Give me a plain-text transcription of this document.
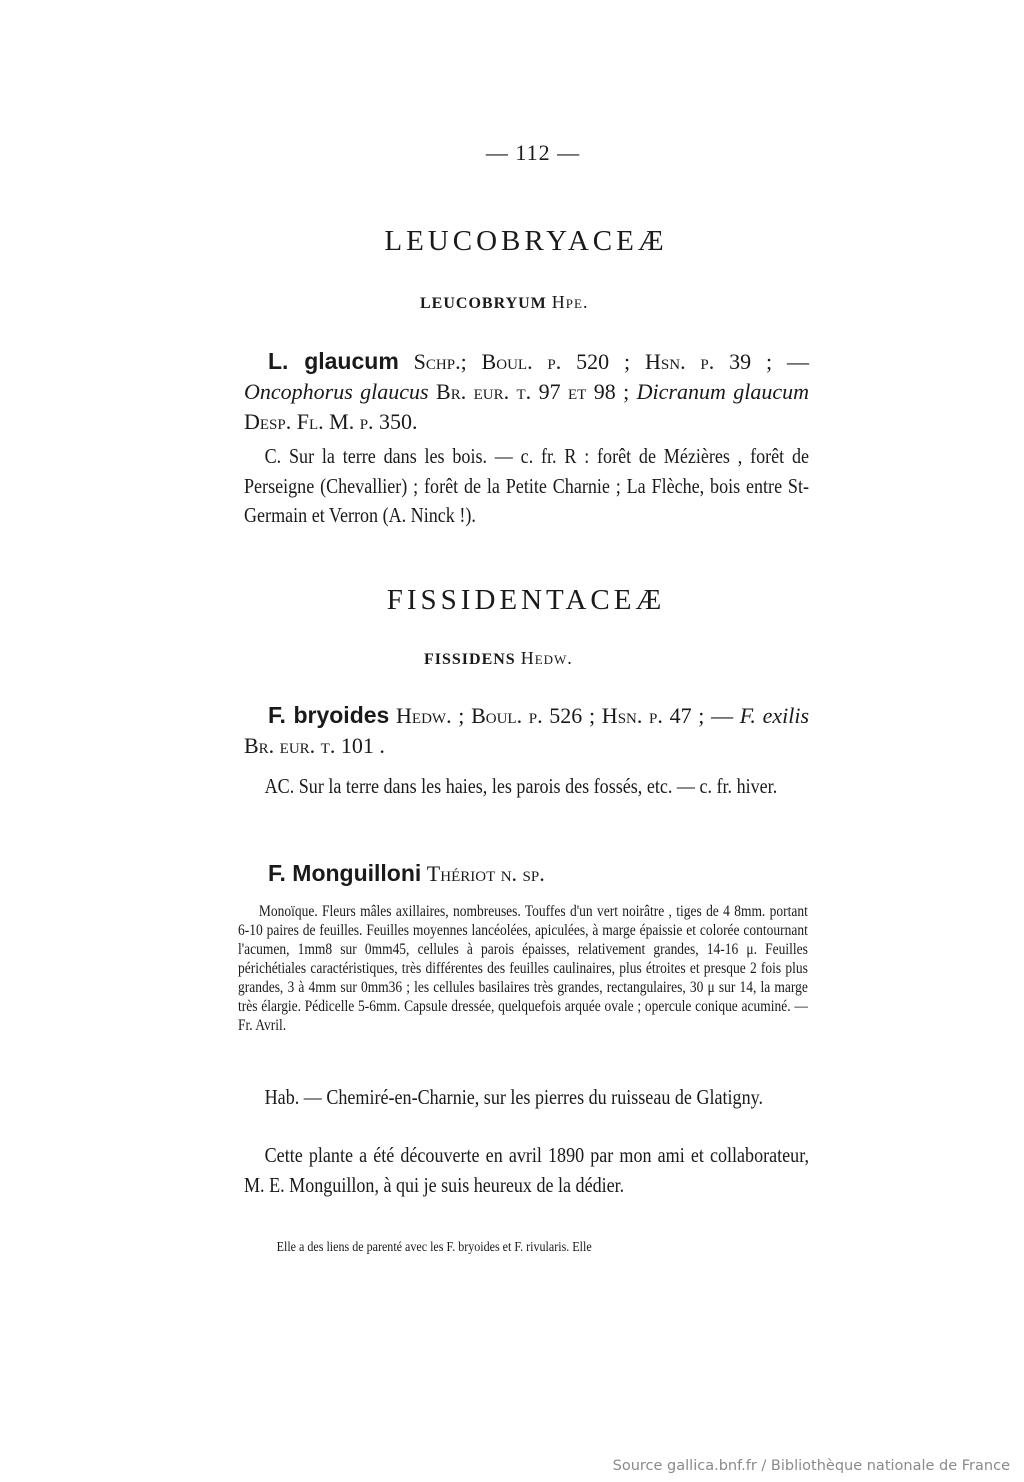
— 112 —
LEUCOBRYACEÆ
LEUCOBRYUM Hpe.
L. glaucum Schp.; Boul. p. 520 ; Hsn. p. 39 ; — Oncophorus glaucus Br. eur. t. 97 et 98 ; Dicranum glaucum Desp. Fl. M. p. 350.
C. Sur la terre dans les bois. — c. fr. R : forêt de Mézières , forêt de Perseigne (Chevallier) ; forêt de la Petite Charnie ; La Flèche, bois entre St-Germain et Verron (A. Ninck !).
FISSIDENTACEÆ
FISSIDENS Hedw.
F. bryoides Hedw. ; Boul. p. 526 ; Hsn. p. 47 ; — F. exilis Br. eur. t. 101 .
AC. Sur la terre dans les haies, les parois des fossés, etc. — c. fr. hiver.
F. Monguilloni Thériot n. sp.
Monoïque. Fleurs mâles axillaires, nombreuses. Touffes d'un vert noirâtre , tiges de 4 8mm. portant 6-10 paires de feuilles. Feuilles moyennes lancéolées, apiculées, à marge épaissie et colorée contournant l'acumen, 1mm8 sur 0mm45, cellules à parois épaisses, relativement grandes, 14-16 μ. Feuilles périchétiales caractéristiques, très différentes des feuilles caulinaires, plus étroites et presque 2 fois plus grandes, 3 à 4mm sur 0mm36 ; les cellules basilaires très grandes, rectangulaires, 30 μ sur 14, la marge très élargie. Pédicelle 5-6mm. Capsule dressée, quelquefois arquée ovale ; opercule conique acuminé. — Fr. Avril.
Hab. — Chemiré-en-Charnie, sur les pierres du ruisseau de Glatigny.
Cette plante a été découverte en avril 1890 par mon ami et collaborateur, M. E. Monguillon, à qui je suis heureux de la dédier.
Elle a des liens de parenté avec les F. bryoides et F. rivularis. Elle
Source gallica.bnf.fr / Bibliothèque nationale de France
